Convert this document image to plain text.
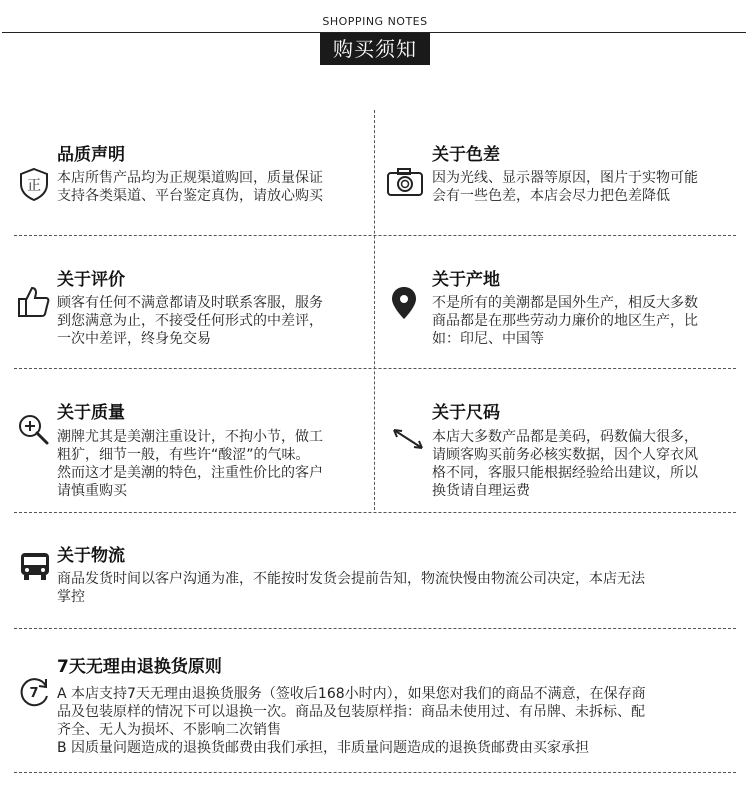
SHOPPING NOTES
购买须知
正
品质声明
本店所售产品均为正规渠道购回，质量保证
支持各类渠道、平台鉴定真伪，请放心购买
关于色差
因为光线、显示器等原因，图片于实物可能
会有一些色差，本店会尽力把色差降低
关于评价
顾客有任何不满意都请及时联系客服，服务
到您满意为止，不接受任何形式的中差评，
一次中差评，终身免交易
关于产地
不是所有的美潮都是国外生产，相反大多数
商品都是在那些劳动力廉价的地区生产，比
如：印尼、中国等
关于质量
潮牌尤其是美潮注重设计，不拘小节，做工
粗犷，细节一般，有些许“酸涩”的气味。
然而这才是美潮的特色，注重性价比的客户
请慎重购买
关于尺码
本店大多数产品都是美码，码数偏大很多，
请顾客购买前务必核实数据，因个人穿衣风
格不同，客服只能根据经验给出建议，所以
换货请自理运费
关于物流
商品发货时间以客户沟通为准，不能按时发货会提前告知，物流快慢由物流公司决定，本店无法
掌控
7
7天无理由退换货原则
A 本店支持7天无理由退换货服务（签收后168小时内），如果您对我们的商品不满意，在保存商
品及包装原样的情况下可以退换一次。商品及包装原样指：商品未使用过、有吊牌、未拆标、配
齐全、无人为损坏、不影响二次销售
B 因质量问题造成的退换货邮费由我们承担，非质量问题造成的退换货邮费由买家承担
